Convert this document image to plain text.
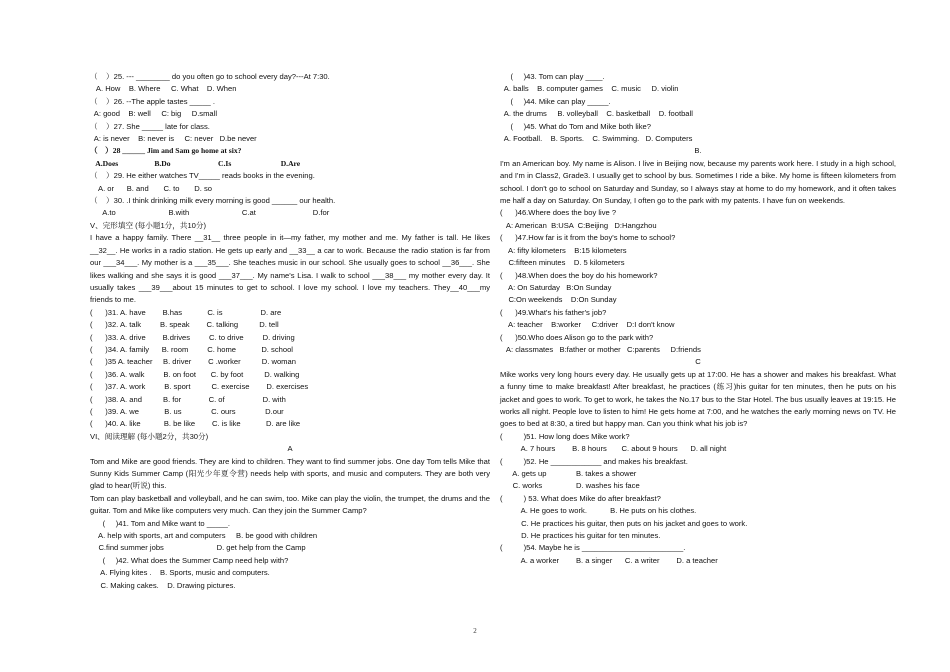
（    ）25. --- ________ do you often go to school every day?---At 7:30.
A. How    B. Where     C. What    D. When
（    ）26. --The apple tastes _____ .
A: good    B: well     C: big     D.small
（    ）27. She _____ late for class.
A: is never    B: never is     C: never   D.be never
（    ）28 ______ Jim and Sam go home at six?
A.Does                   B.Do                         C.Is                          D.Are
（    ）29. He either watches TV_____ reads books in the evening.
A. or      B. and       C. to       D. so
（    ）30. .I think drinking milk every morning is good ______ our health.
A.to                         B.with                         C.at                           D.for
V、完形填空 (每小题1分，共10分)
I have a happy family. There __31__ three people in it—my father, my mother and me. My father is tall. He likes __32__. He works in a radio station. He gets up early and __33__ a car to work. Because the radio station is far from our ___34___. My mother is a ___35___. She teaches music in our school. She usually goes to school __36___. She likes walking and she says it is good ___37___. My name's Lisa. I walk to school ___38___ my mother every day. It usually takes ___39___about 15 minutes to get to school. I love my school. I love my teachers. They__40___my friends to me.
(      )31. A. have        B.has            C. is                  D. are
(      )32. A. talk         B. speak        C. talking          D. tell
(      )33. A. drive        B.drives         C. to drive         D. driving
(      )34. A. family      B. room         C. home            D. school
(      )35 A. teacher     B. driver        C .worker          D. woman
(      )36. A. walk         B. on foot       C. by foot          D. walking
(      )37. A. work         B. sport          C. exercise        D. exercises
(      )38. A. and          B. for             C. of                  D. with
(      )39. A. we            B. us              C. ours              D.our
(      )40. A. like           B. be like        C. is like            D. are like
VI、阅读理解 (每小题2分，共30分)
A
Tom and Mike are good friends. They are kind to children. They want to find summer jobs. One day Tom tells Mike that Sunny Kids Summer Camp (阳光少年夏令营) needs help with sports, and music and computers. They are both very glad to hear(听说) this.
Tom can play basketball and volleyball, and he can swim, too. Mike can play the violin, the trumpet, the drums and the guitar. Tom and Mike like computers very much. Can they join the Summer Camp?
(     )41. Tom and Mike want to _____.
A. help with sports, art and computers     B. be good with children
C.find summer jobs                         D. get help from the Camp
(     )42. What does the Summer Camp need help with?
A. Flying kites .    B. Sports, music and computers.
C. Making cakes.    D. Drawing pictures.
(     )43. Tom can play ____.
A. balls    B. computer games    C. music     D. violin
(     )44. Mike can play _____.
A. the drums     B. volleyball    C. basketball    D. football
(     )45. What do Tom and Mike both like?
A. Football.    B. Sports.    C. Swimming.   D. Computers
B.
I'm an American boy. My name is Alison. I live in Beijing now, because my parents work here. I study in a high school, and I'm in Class2, Grade3. I usually get to school by bus. Sometimes I ride a bike. My home is fifteen kilometers from school. I don't go to school on Saturday and Sunday, so I always stay at home to do my homework, and it often takes me half a day on Saturday. On Sunday, I often go to the park with my patents. I have fun on weekends.
(      )46.Where does the boy live ?
A: American  B:USA  C:Beijing   D:Hangzhou
(      )47.How far is it from the boy's home to school?
A: fifty kilometers    B:15 kilometers
C:fifteen minutes    D. 5 kilometers
(      )48.When does the boy do his homework?
A: On Saturday   B:On Sunday
C:On weekends    D:On Sunday
(      )49.What's his father's job?
A: teacher    B:worker     C:driver    D:I don't know
(      )50.Who does Alison go to the park with?
A: classmates   B:father or mother   C:parents     D:friends
C
Mike works very long hours every day. He usually gets up at 17:00. He has a shower and makes his breakfast. What a funny time to make breakfast! After breakfast, he practices (练习)his guitar for ten minutes, then he puts on his jacket and goes to work. To get to work, he takes the No.17 bus to the Star Hotel. The bus usually leaves at 19:15. He works all night. People love to listen to him! He gets home at 7:00, and he watches the early morning news on TV. He goes to bed at 8:30, a tired but happy man. Can you think what his job is?
(          )51. How long does Mike work?
A. 7 hours        B. 8 hours       C. about 9 hours      D. all night
(          )52. He ____________ and makes his breakfast.
A. gets up              B. takes a shower
C. works                D. washes his face
(          ) 53. What does Mike do after breakfast?
A. He goes to work.           B. He puts on his clothes.
C. He practices his guitar, then puts on his jacket and goes to work.
D. He practices his guitar for ten minutes.
(          )54. Maybe he is ________________________.
A. a worker        B. a singer      C. a writer        D. a teacher
2
